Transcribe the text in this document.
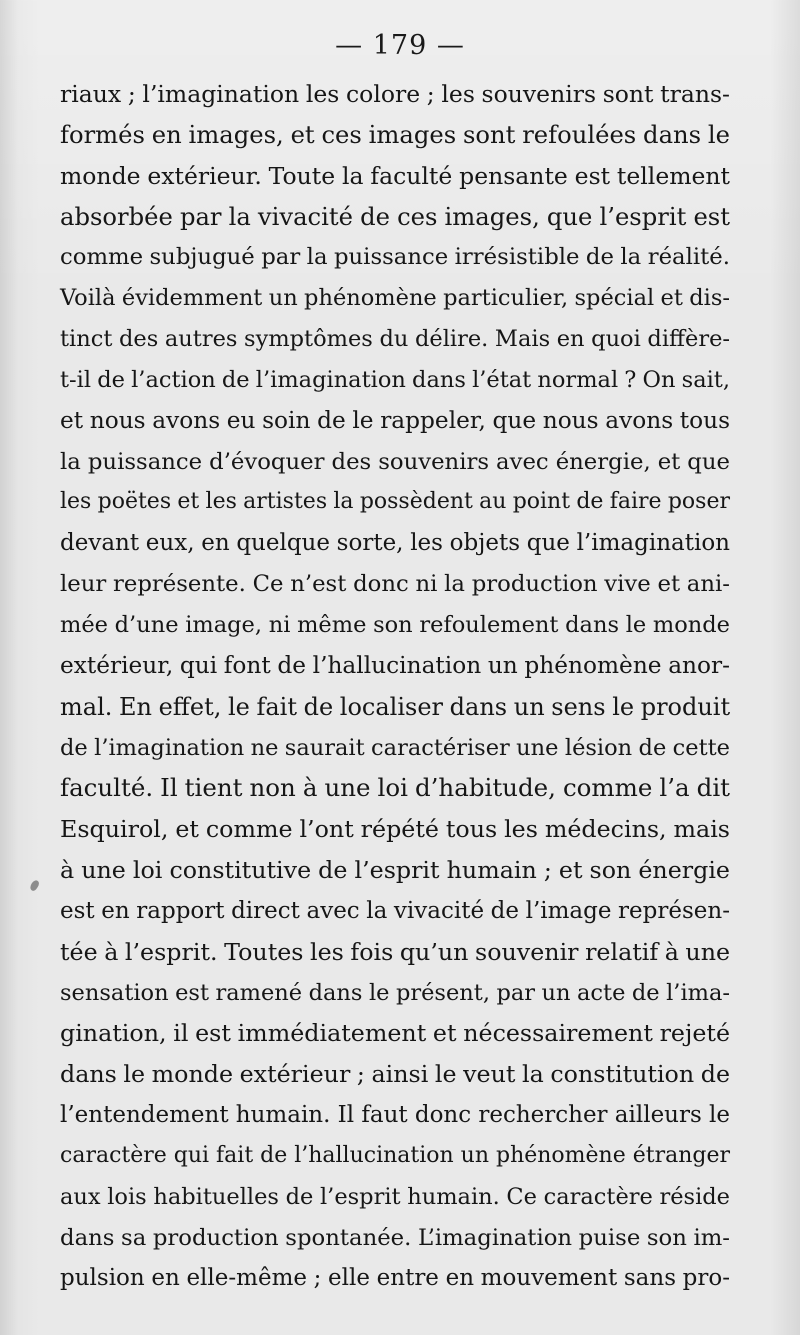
— 179 —
riaux ; l’imagination les colore ; les souvenirs sont trans-
formés en images, et ces images sont refoulées dans le
monde extérieur. Toute la faculté pensante est tellement
absorbée par la vivacité de ces images, que l’esprit est
comme subjugué par la puissance irrésistible de la réalité.
Voilà évidemment un phénomène particulier, spécial et dis-
tinct des autres symptômes du délire. Mais en quoi diffère-
t-il de l’action de l’imagination dans l’état normal ? On sait,
et nous avons eu soin de le rappeler, que nous avons tous
la puissance d’évoquer des souvenirs avec énergie, et que
les poëtes et les artistes la possèdent au point de faire poser
devant eux, en quelque sorte, les objets que l’imagination
leur représente. Ce n’est donc ni la production vive et ani-
mée d’une image, ni même son refoulement dans le monde
extérieur, qui font de l’hallucination un phénomène anor-
mal. En effet, le fait de localiser dans un sens le produit
de l’imagination ne saurait caractériser une lésion de cette
faculté. Il tient non à une loi d’habitude, comme l’a dit
Esquirol, et comme l’ont répété tous les médecins, mais
à une loi constitutive de l’esprit humain ; et son énergie
est en rapport direct avec la vivacité de l’image représen-
tée à l’esprit. Toutes les fois qu’un souvenir relatif à une
sensation est ramené dans le présent, par un acte de l’ima-
gination, il est immédiatement et nécessairement rejeté
dans le monde extérieur ; ainsi le veut la constitution de
l’entendement humain. Il faut donc rechercher ailleurs le
caractère qui fait de l’hallucination un phénomène étranger
aux lois habituelles de l’esprit humain. Ce caractère réside
dans sa production spontanée. L’imagination puise son im-
pulsion en elle-même ; elle entre en mouvement sans pro-
